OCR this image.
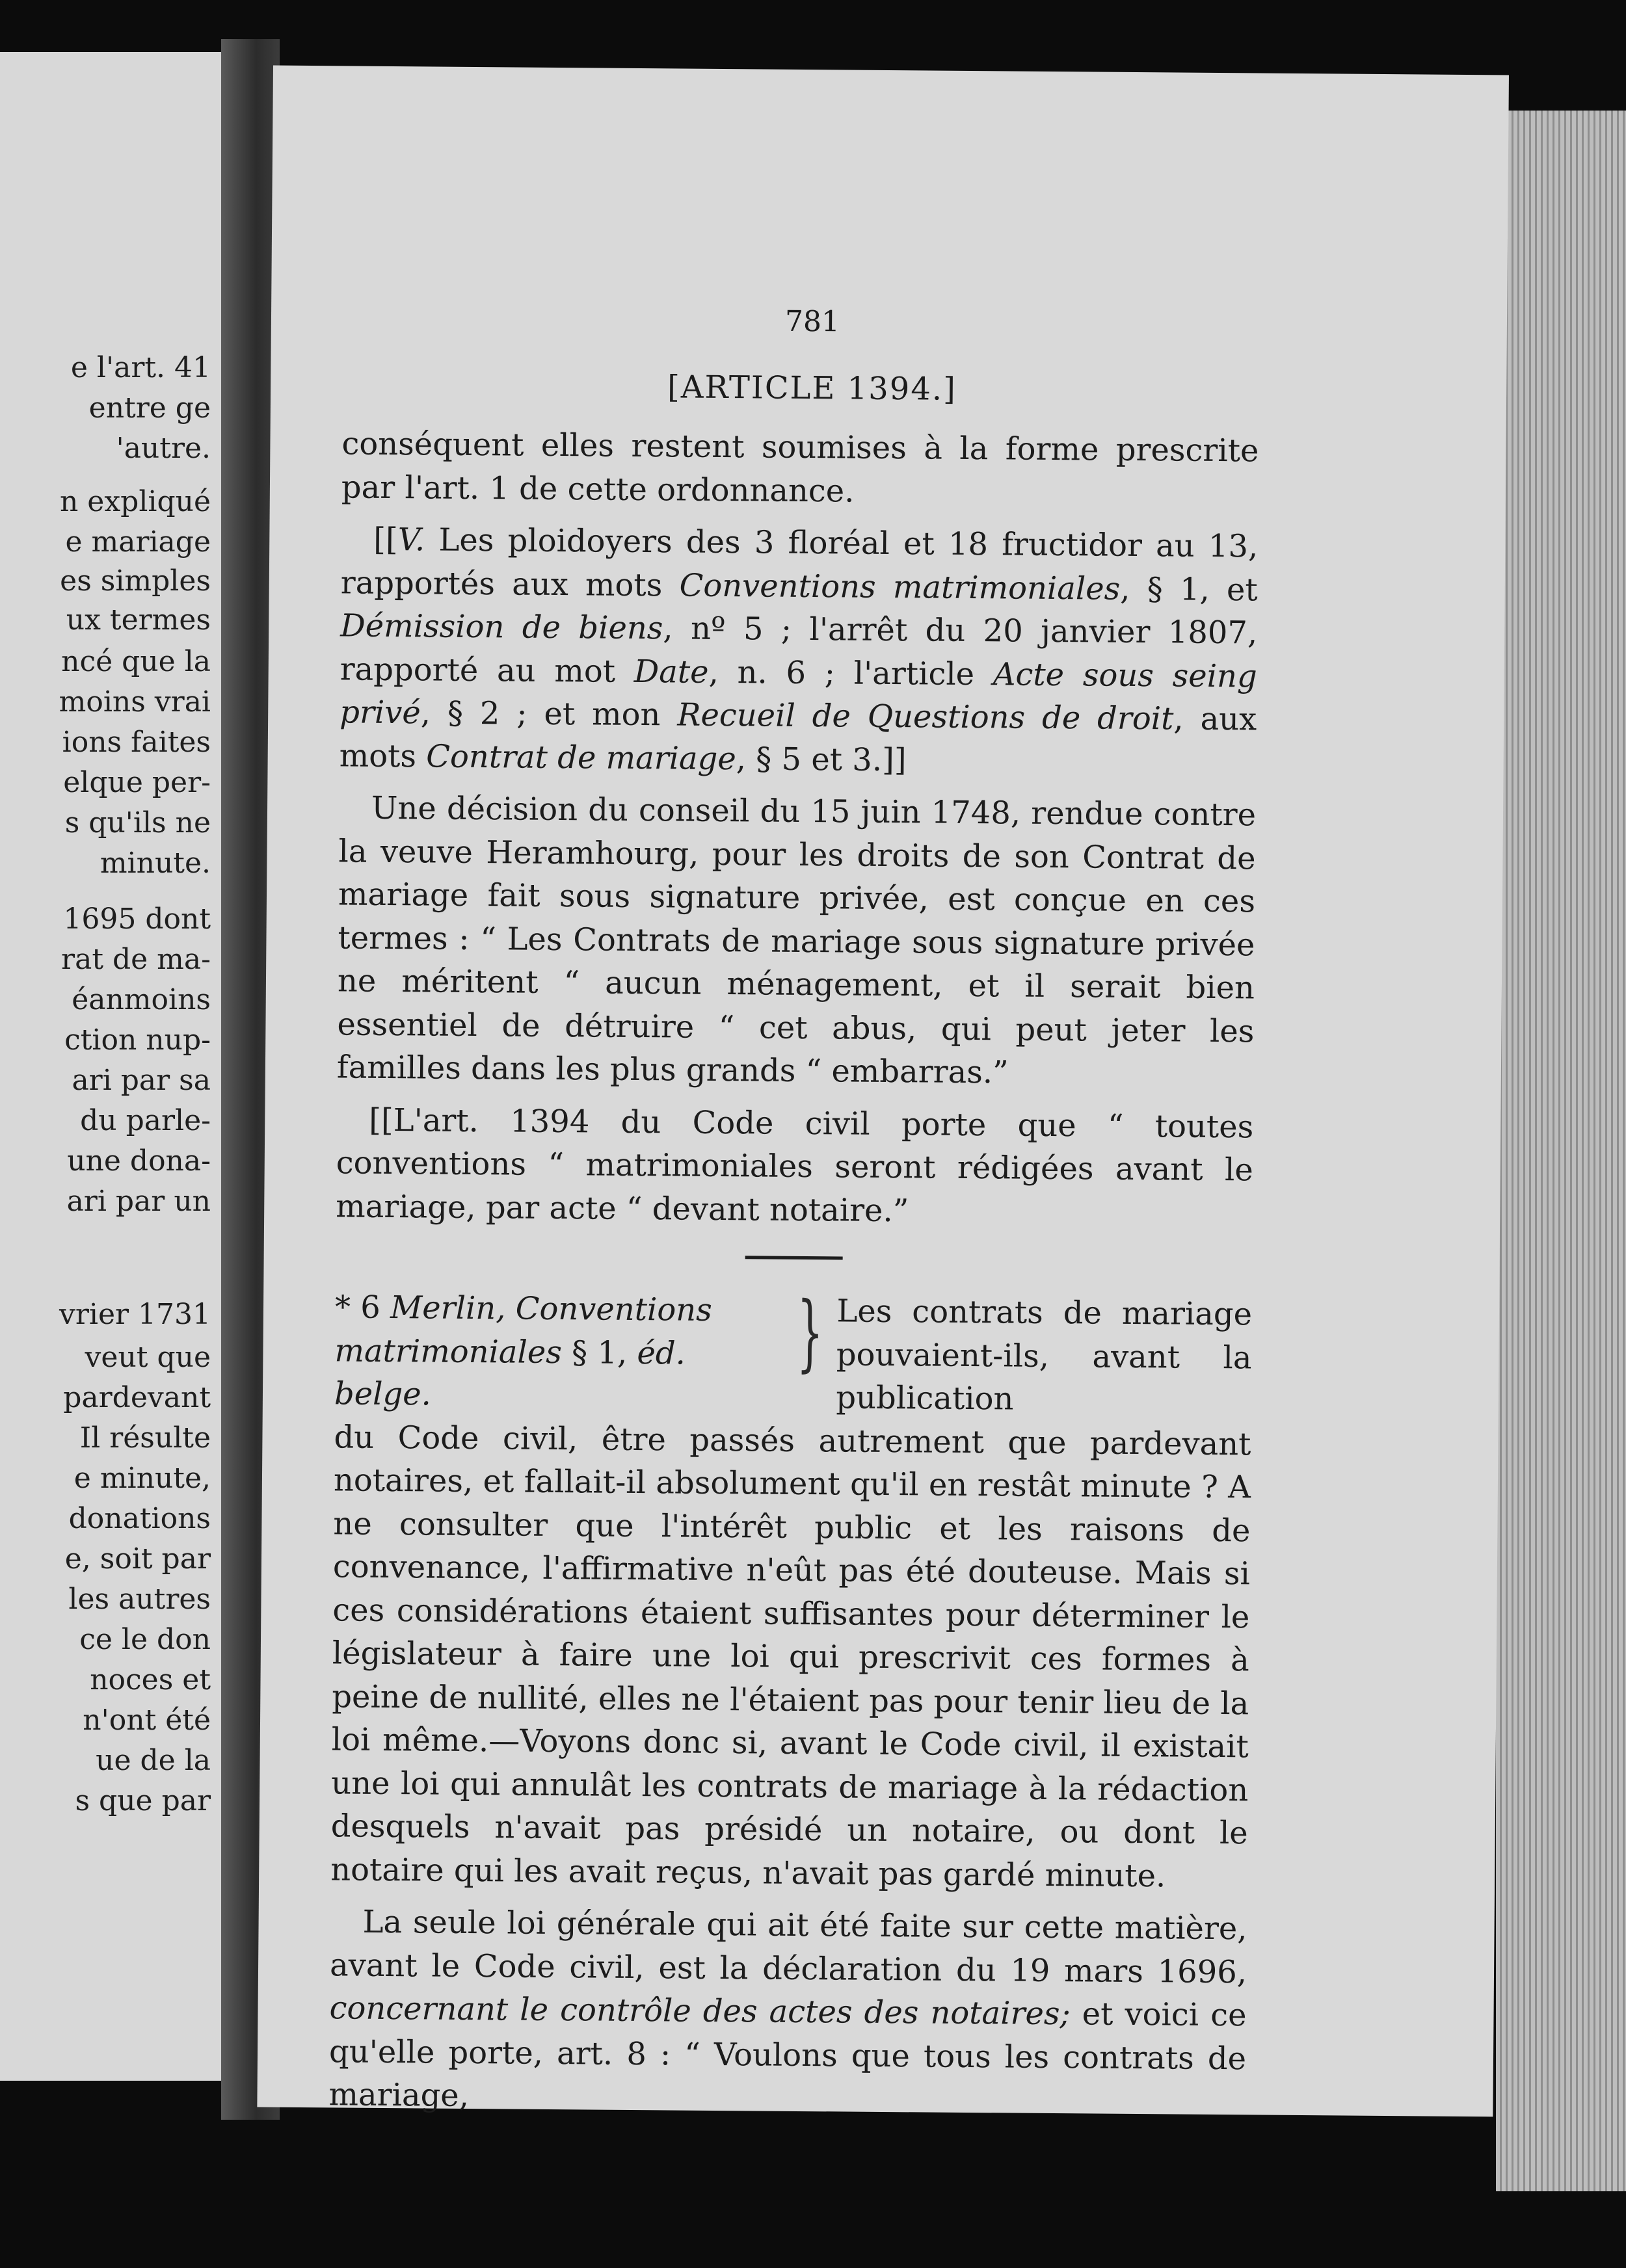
e l'art. 41
entre ge
'autre.
n expliqué
e mariage
es simples
ux termes
ncé que la
moins vrai
ions faites
elque per-
s qu'ils ne
minute.
1695 dont
rat de ma-
éanmoins
ction nup-
ari par sa
du parle-
une dona-
ari par un
vrier 1731
veut que
pardevant
Il résulte
e minute,
donations
e, soit par
les autres
ce le don
noces et
n'ont été
ue de la
s que par
781
[ARTICLE 1394.]

conséquent elles restent soumises à la forme prescrite par l'art. 1 de cette ordonnance.

[[V. Les ploidoyers des 3 floréal et 18 fructidor au 13, rapportés aux mots Conventions matrimoniales, § 1, et Démission de biens, nº 5 ; l'arrêt du 20 janvier 1807, rapporté au mot Date, n. 6 ; l'article Acte sous seing privé, § 2 ; et mon Recueil de Questions de droit, aux mots Contrat de mariage, § 5 et 3.]]

Une décision du conseil du 15 juin 1748, rendue contre la veuve Heramhourg, pour les droits de son Contrat de mariage fait sous signature privée, est conçue en ces termes : “ Les Contrats de mariage sous signature privée ne méritent “ aucun ménagement, et il serait bien essentiel de détruire “ cet abus, qui peut jeter les familles dans les plus grands “ embarras.”

[[L'art. 1394 du Code civil porte que “ toutes conventions “ matrimoniales seront rédigées avant le mariage, par acte “ devant notaire.”

* 6 Merlin, Conventions matrimoniales § 1, éd. belge.
} Les contrats de mariage pouvaient-ils, avant la publication

du Code civil, être passés autrement que pardevant notaires, et fallait-il absolument qu'il en restât minute ? A ne consulter que l'intérêt public et les raisons de convenance, l'affirmative n'eût pas été douteuse. Mais si ces considérations étaient suffisantes pour déterminer le législateur à faire une loi qui prescrivit ces formes à peine de nullité, elles ne l'étaient pas pour tenir lieu de la loi même.—Voyons donc si, avant le Code civil, il existait une loi qui annulât les contrats de mariage à la rédaction desquels n'avait pas présidé un notaire, ou dont le notaire qui les avait reçus, n'avait pas gardé minute.

La seule loi générale qui ait été faite sur cette matière, avant le Code civil, est la déclaration du 19 mars 1696, concernant le contrôle des actes des notaires; et voici ce qu'elle porte, art. 8 : “ Voulons que tous les contrats de mariage,
